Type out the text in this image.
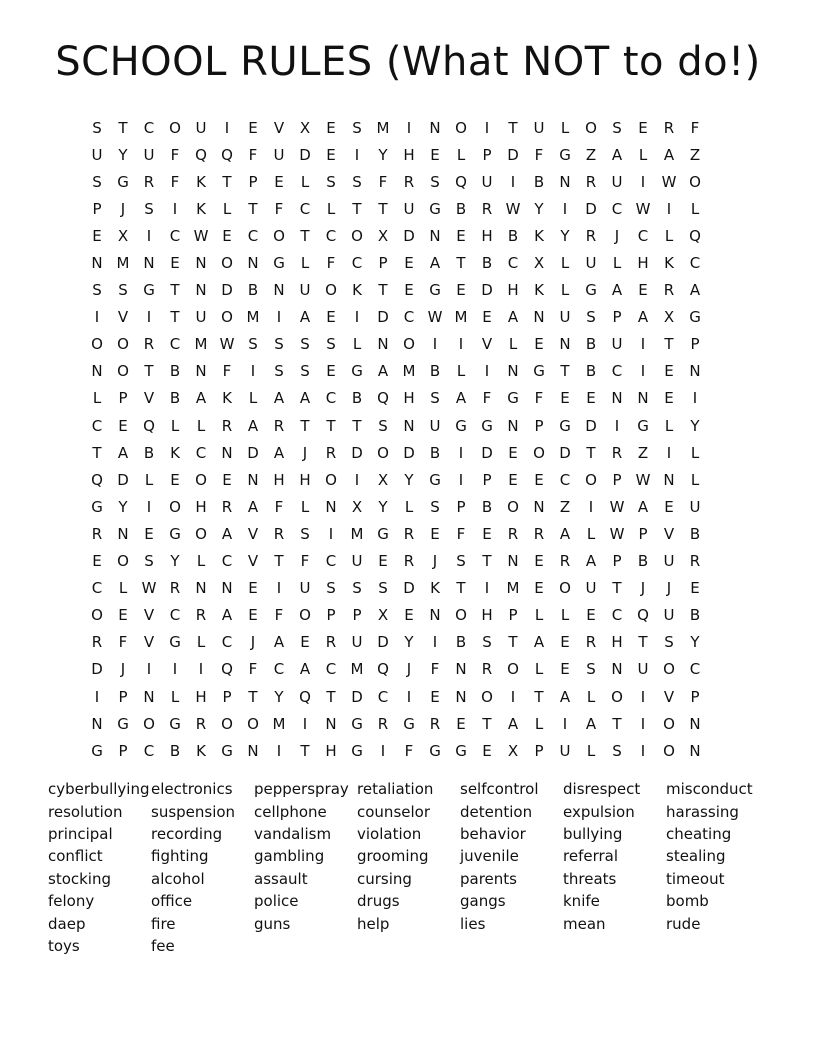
SCHOOL RULES (What NOT to do!)
S	T	C O U	I	E	V	X	E	S M	I	N O	I	T	U	L	O	S	E	R	F
U	Y	U	F	Q Q	F	U D	E	I	Y	H	E	L	P	D	F	G	Z	A	L	A	Z
S	G R	F	K	T	P	E	L	S	S	F	R	S	Q U	I	B	N	R	U	I	W O
P	J	S	I	K	L	T	F	C	L	T	T	U G	B	R W Y	I	D C W	I	L
E	X	I	C W E	C O	T	C O X	D N	E	H	B	K	Y	R	J	C	L	Q
N M N	E	N O N G	L	F	C	P	E	A	T	B	C	X	L	U	L	H	K	C
S	S	G	T	N D	B	N U O	K	T	E	G	E	D H	K	L	G	A	E	R	A
I	V	I	T	U O M	I	A	E	I	D C W M E	A	N U	S	P	A	X	G
O O R	C M W S	S	S	S	L	N O	I	I	V	L	E	N	B	U	I	T	P
N O	T	B	N	F	I	S	S	E	G	A M B	L	I	N G	T	B	C	I	E	N
L	P	V	B	A	K	L	A	A	C	B Q H	S	A	F	G	F	E	E	N N	E	I
C	E	Q	L	L	R	A	R	T	T	T	S	N U G G N	P	G D	I	G	L	Y
T	A	B	K	C	N D	A	J	R	D O D	B	I	D	E	O D	T	R	Z	I	L
Q D	L	E	O	E	N H H O	I	X	Y	G	I	P	E	E	C O	P W N	L
G	Y	I	O H	R	A	F	L	N	X	Y	L	S	P	B O N	Z	I	W A	E	U
R	N	E	G O A	V	R	S	I	M G R	E	F	E	R	R	A	L W P	V	B
E	O	S	Y	L	C	V	T	F	C	U	E	R	J	S	T	N	E	R	A	P	B	U	R
C	L W R	N N	E	I	U	S	S	S	D	K	T	I	M E	O U	T	J	J	E
O	E	V	C	R	A	E	F	O	P	P	X	E	N O H	P	L	L	E	C Q U	B
R	F	V	G	L	C	J	A	E	R	U D	Y	I	B	S	T	A	E	R	H	T	S	Y
D	J	I	I	I	Q	F	C	A	C M Q	J	F	N	R O	L	E	S	N U O C
I	P	N	L	H	P	T	Y	Q	T	D C	I	E	N O	I	T	A	L	O	I	V	P
N G O G R O O M	I	N G R G R	E	T	A	L	I	A	T	I	O N
G	P	C	B	K	G N	I	T	H G	I	F	G G	E	X	P	U	L	S	I	O N
cyberbullying electronics	pepperspray retaliation	selfcontrol	disrespect	misconduct
resolution	suspension	cellphone	counselor	detention	expulsion	harassing
principal	recording	vandalism	violation	behavior	bullying	cheating
conflict	fighting	gambling	grooming	juvenile	referral	stealing
stocking	alcohol	assault	cursing	parents	threats	timeout
felony	office	police	drugs	gangs	knife	bomb
daep	fire	guns	help	lies	mean	rude
toys	fee
